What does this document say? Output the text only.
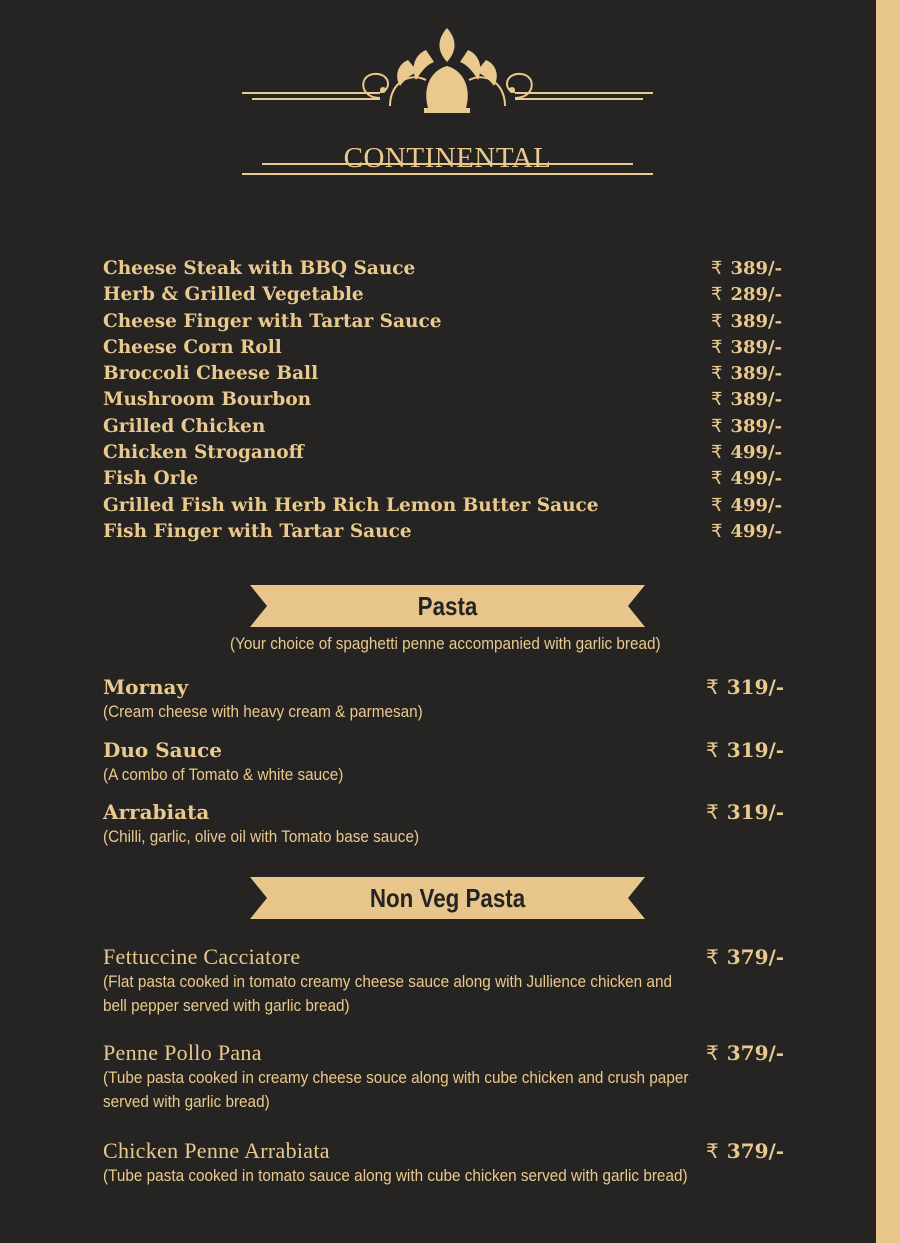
CONTINENTAL
Cheese Steak with BBQ Sauce	₹ 389/-
Herb & Grilled Vegetable	₹ 289/-
Cheese Finger with Tartar Sauce	₹ 389/-
Cheese Corn Roll	₹ 389/-
Broccoli Cheese Ball	₹ 389/-
Mushroom Bourbon	₹ 389/-
Grilled Chicken	₹ 389/-
Chicken Stroganoff	₹ 499/-
Fish Orle	₹ 499/-
Grilled Fish wih Herb Rich Lemon Butter Sauce	₹ 499/-
Fish Finger with Tartar Sauce	₹ 499/-
Pasta
(Your choice of spaghetti penne accompanied with garlic bread)
Mornay
(Cream cheese with heavy cream & parmesan)
₹ 319/-
Duo Sauce
(A combo of Tomato & white sauce)
₹ 319/-
Arrabiata
(Chilli, garlic, olive oil with Tomato base sauce)
₹ 319/-
Non Veg Pasta
Fettuccine Cacciatore
(Flat pasta cooked in tomato creamy cheese sauce along with Jullience chicken and bell pepper served with garlic bread)
₹ 379/-
Penne Pollo Pana
(Tube pasta cooked in creamy cheese souce along with cube chicken and crush paper served with garlic bread)
₹ 379/-
Chicken Penne Arrabiata
(Tube pasta cooked in tomato sauce along with cube chicken served with garlic bread)
₹ 379/-
